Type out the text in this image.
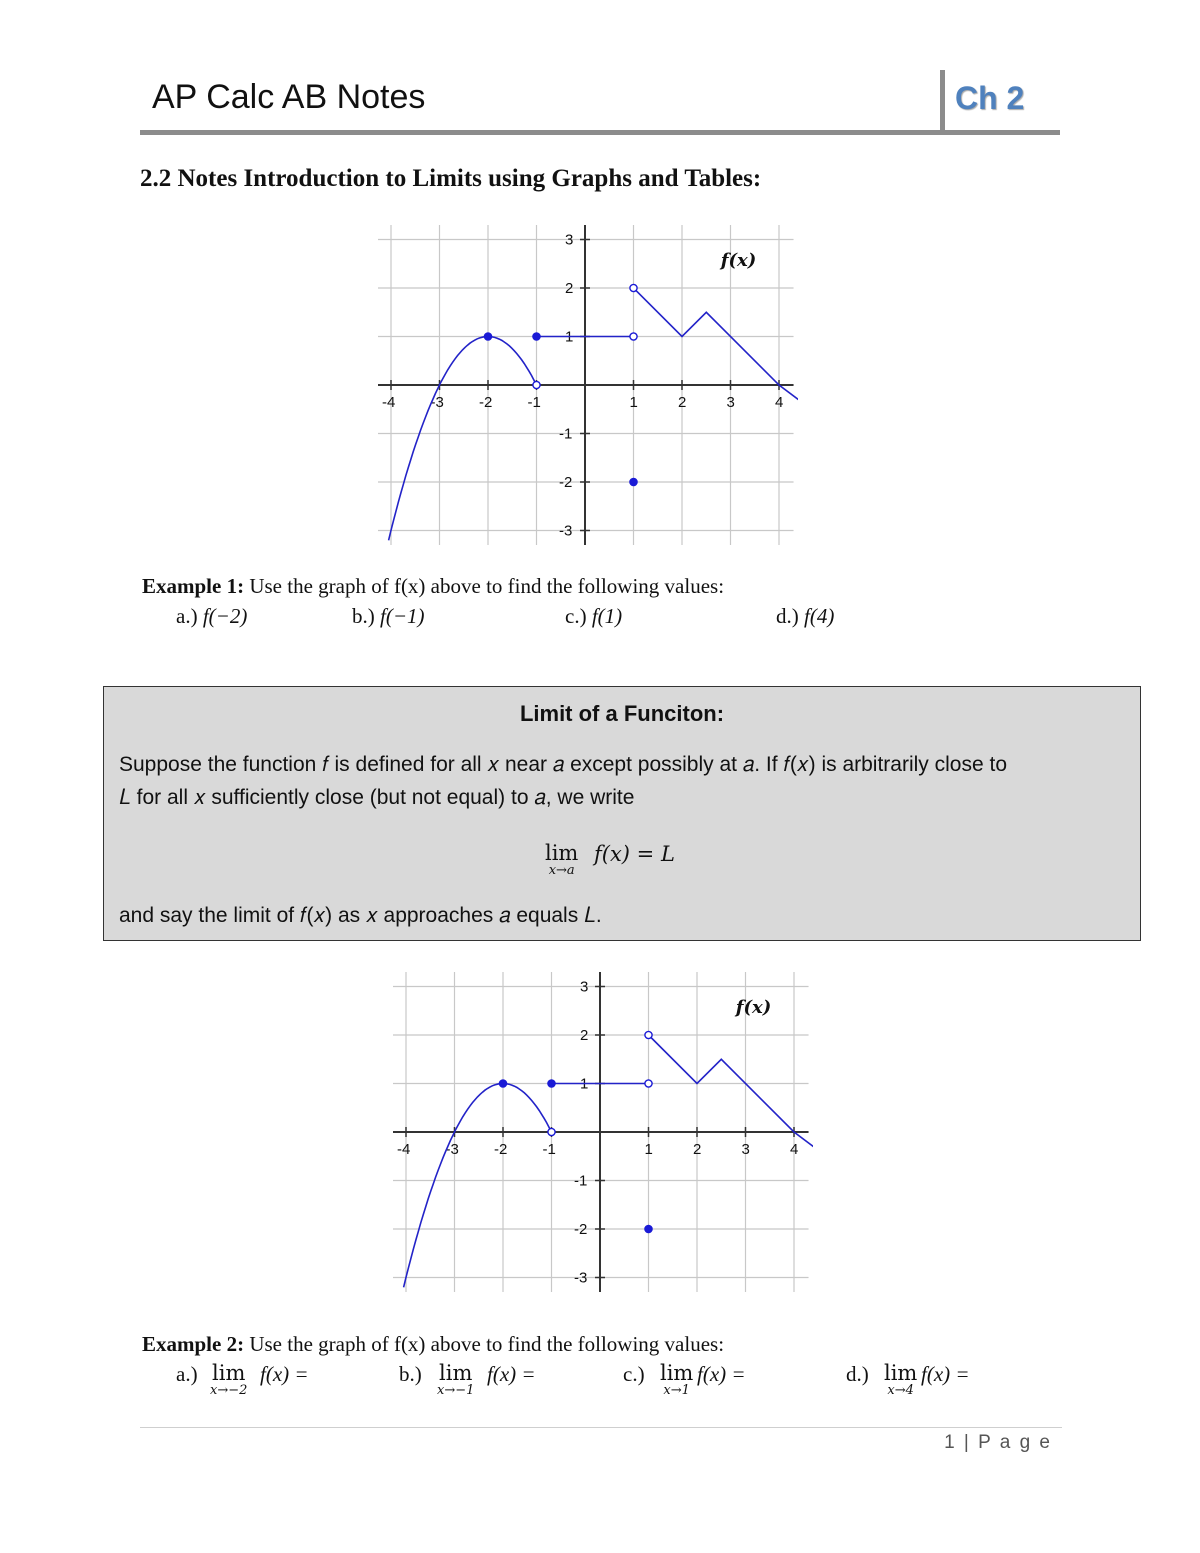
AP Calc AB Notes	Ch 2
2.2 Notes Introduction to Limits using Graphs and Tables:
-4 -3 -2 -1	1	2	3	4
-3
-2
-1
1
2
3
f(x)
Example 1: Use the graph of f(x) above to find the following values:
a.) f(−2)	b.) f(−1)	c.) f(1)	d.) f(4)
Limit of a Funciton:
Suppose the function 𝑓 is defined for all 𝑥 near 𝑎 except possibly at 𝑎. If 𝑓(𝑥) is arbitrarily close to
𝐿 for all 𝑥 sufficiently close (but not equal) to 𝑎, we write
lim
x→a
f(x) = L
and say the limit of 𝑓(𝑥) as 𝑥 approaches 𝑎 equals 𝐿.
-4 -3 -2 -1	1	2	3	4
-3
-2
-1
1
2
3
f(x)
Example 2: Use the graph of f(x) above to find the following values:
a.) lim
x→−2
f(x) =	b.) lim
x→−1
f(x) =	c.) lim
x→1
f(x) =	d.) lim
x→4
f(x) =
1 | P a g e
